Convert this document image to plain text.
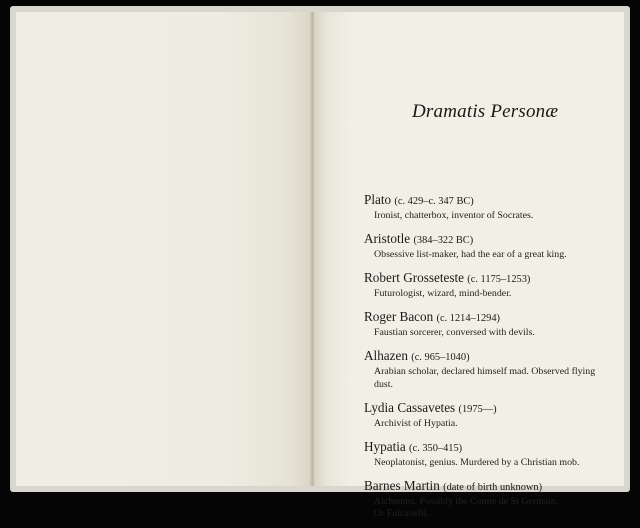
Dramatis Personæ
Plato (c. 429–c. 347 BC)
Ironist, chatterbox, inventor of Socrates.
Aristotle (384–322 BC)
Obsessive list-maker, had the ear of a great king.
Robert Grosseteste (c. 1175–1253)
Futurologist, wizard, mind-bender.
Roger Bacon (c. 1214–1294)
Faustian sorcerer, conversed with devils.
Alhazen (c. 965–1040)
Arabian scholar, declared himself mad. Observed flying
dust.
Lydia Cassavetes (1975—)
Archivist of Hypatia.
Hypatia (c. 350–415)
Neoplatonist, genius. Murdered by a Christian mob.
Barnes Martin (date of birth unknown)
Alchemist. Possibly the Comte de St Germain.
Or Fulcanelli.
